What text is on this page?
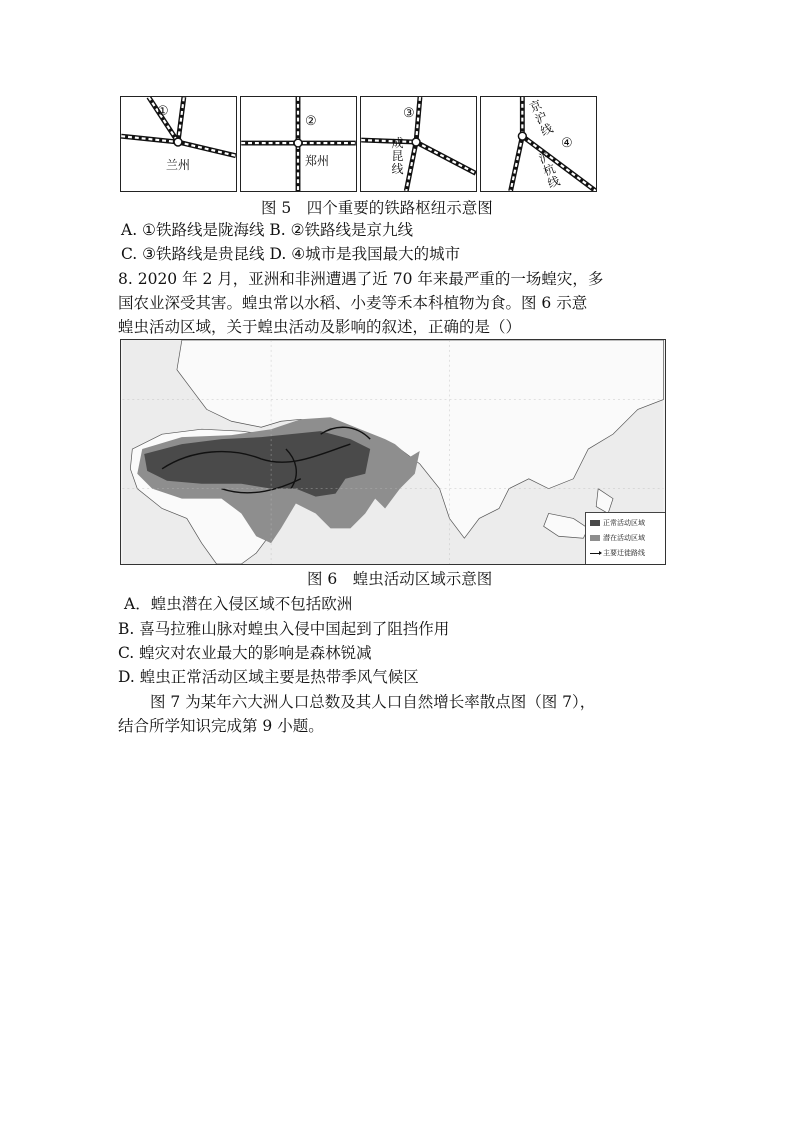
①
兰州
②
郑州
③
成昆线
④
京沪线
沪杭线
图 5　四个重要的铁路枢纽示意图
A. ①铁路线是陇海线 B. ②铁路线是京九线
C. ③铁路线是贵昆线 D. ④城市是我国最大的城市
8. 2020 年 2 月，亚洲和非洲遭遇了近 70 年来最严重的一场蝗灾，多
国农业深受其害。蝗虫常以水稻、小麦等禾本科植物为食。图 6 示意
蝗虫活动区域，关于蝗虫活动及影响的叙述，正确的是（）
正常活动区域
潜在活动区域
主要迁徙路线
图 6　蝗虫活动区域示意图
A．蝗虫潜在入侵区域不包括欧洲
B. 喜马拉雅山脉对蝗虫入侵中国起到了阻挡作用
C. 蝗灾对农业最大的影响是森林锐减
D. 蝗虫正常活动区域主要是热带季风气候区
图 7 为某年六大洲人口总数及其人口自然增长率散点图（图 7），
结合所学知识完成第 9 小题。
